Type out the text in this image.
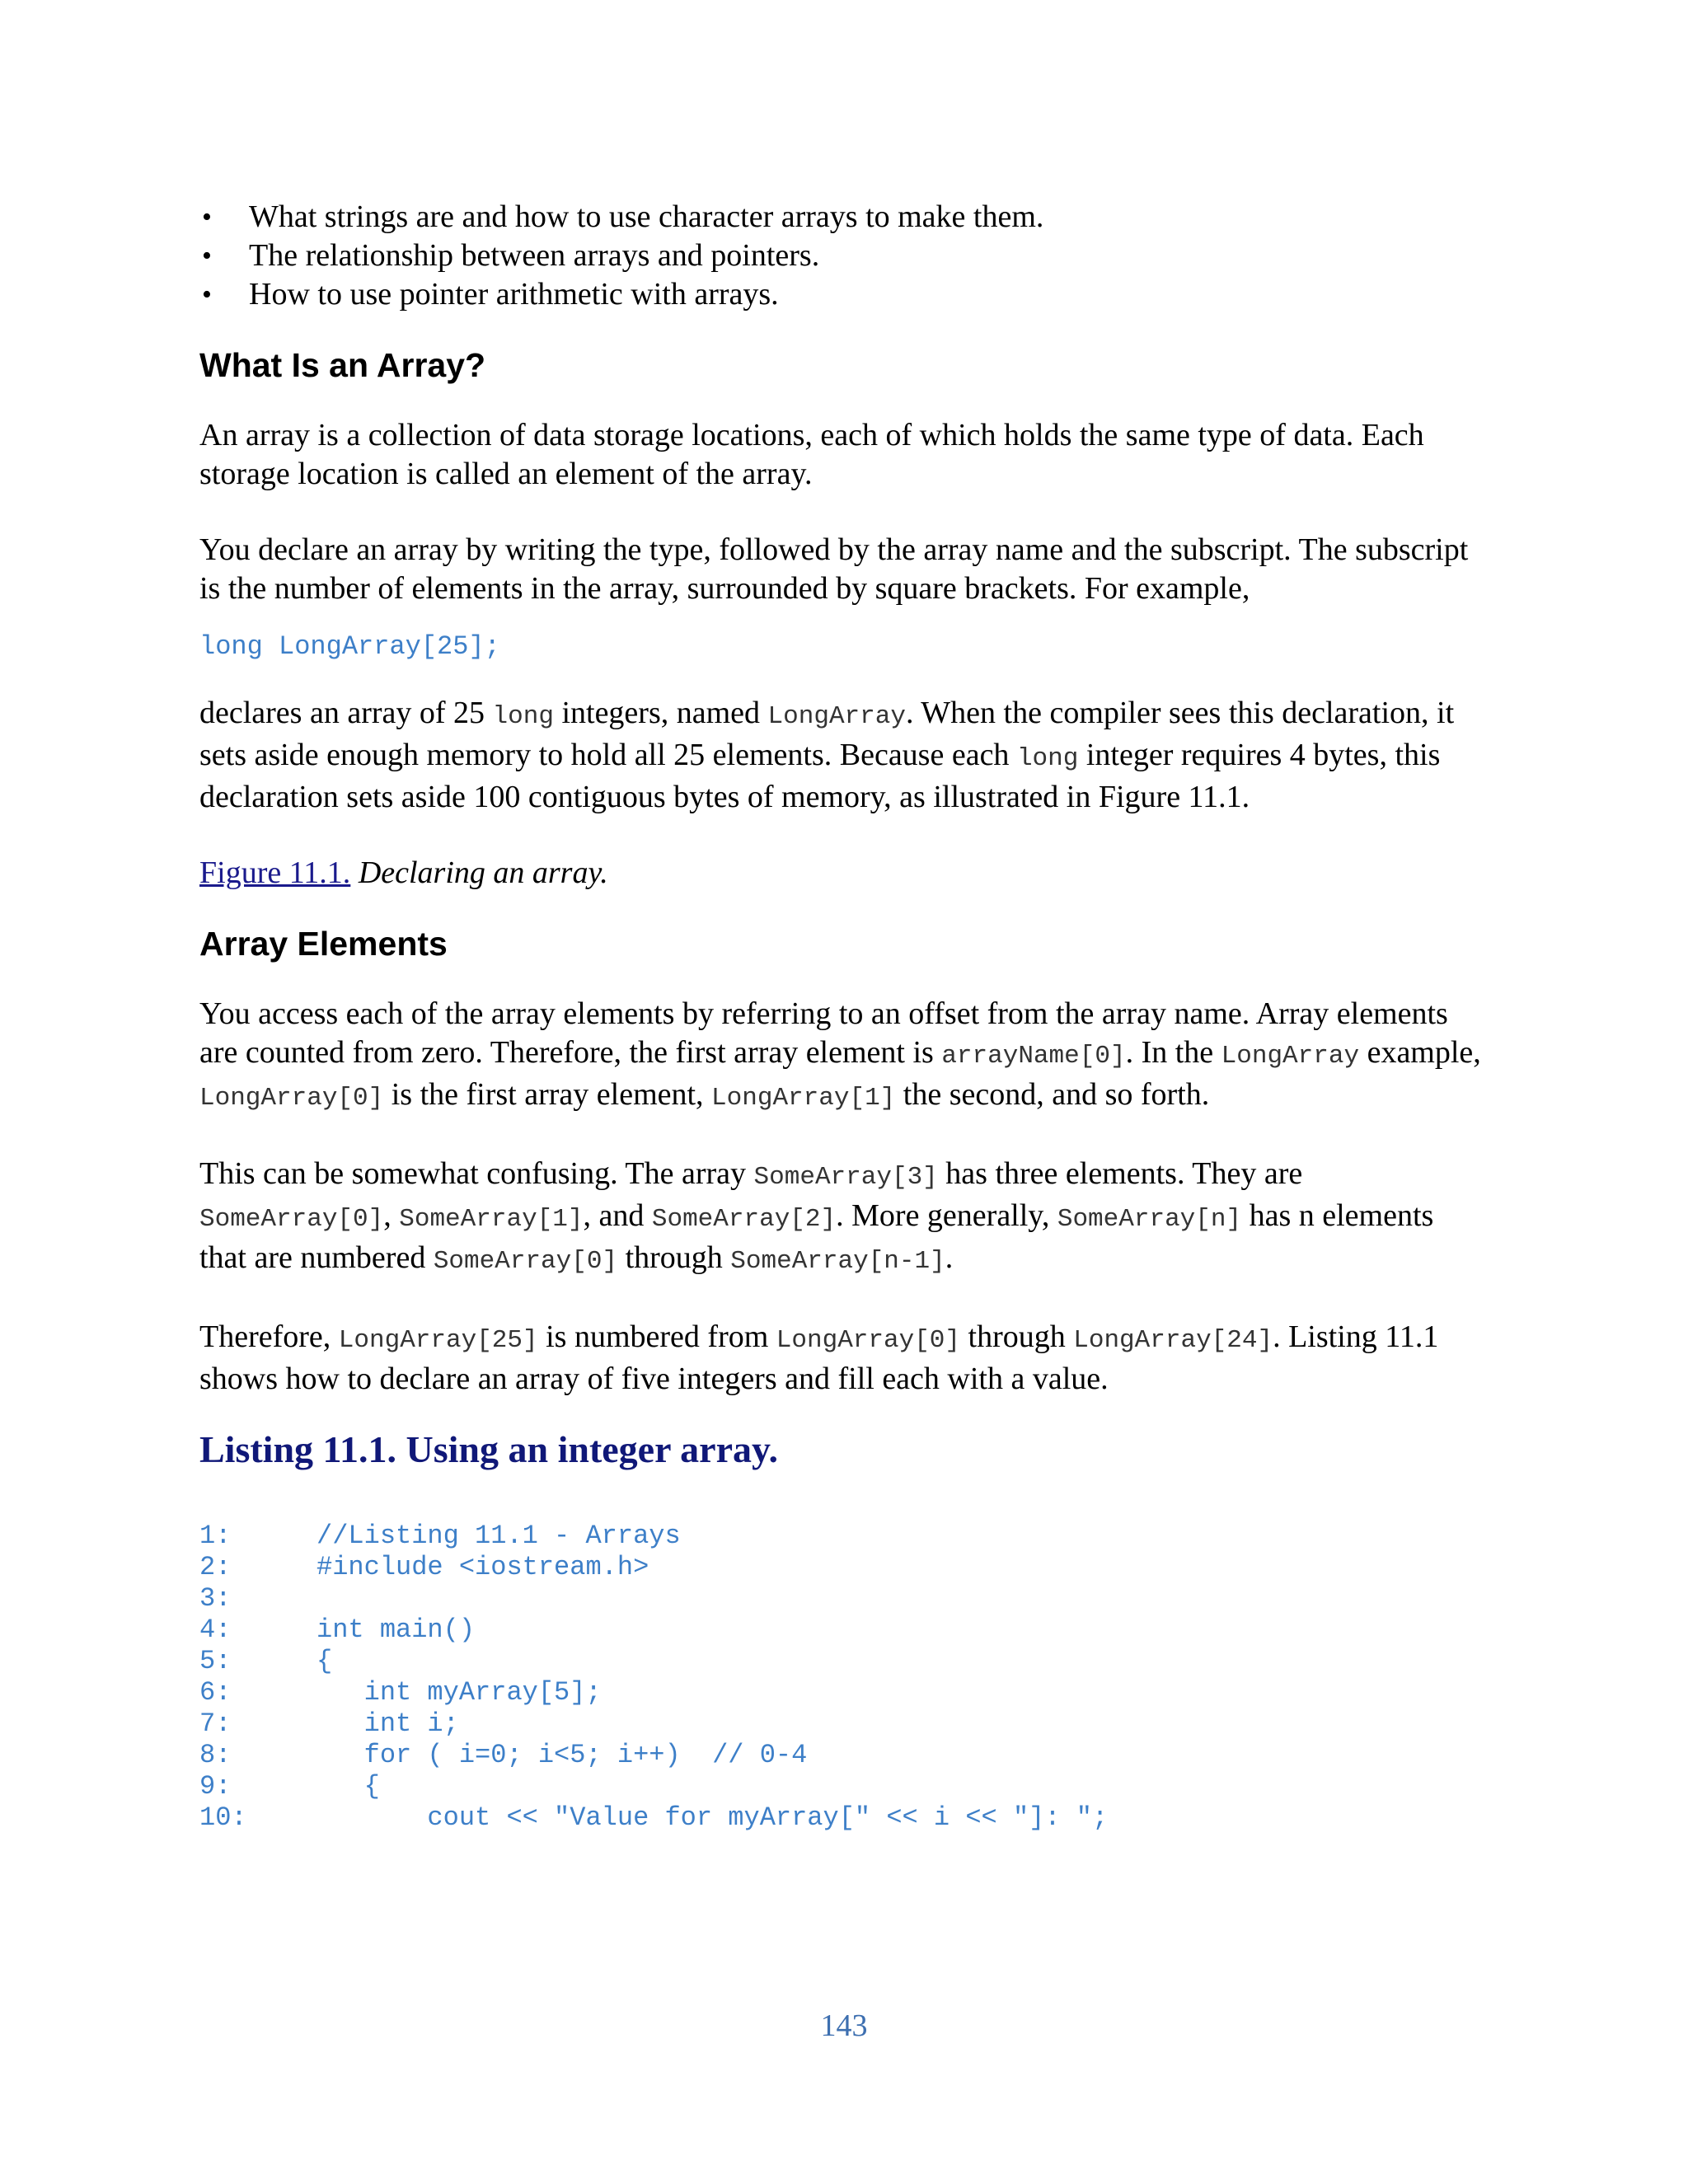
• What strings are and how to use character arrays to make them.
• The relationship between arrays and pointers.
• How to use pointer arithmetic with arrays.
What Is an Array?

An array is a collection of data storage locations, each of which holds the same type of data. Each storage location is called an element of the array.

You declare an array by writing the type, followed by the array name and the subscript. The subscript is the number of elements in the array, surrounded by square brackets. For example,

long LongArray[25];

declares an array of 25 long integers, named LongArray. When the compiler sees this declaration, it sets aside enough memory to hold all 25 elements. Because each long integer requires 4 bytes, this declaration sets aside 100 contiguous bytes of memory, as illustrated in Figure 11.1.

Figure 11.1. Declaring an array.

Array Elements

You access each of the array elements by referring to an offset from the array name. Array elements are counted from zero. Therefore, the first array element is arrayName[0]. In the LongArray example, LongArray[0] is the first array element, LongArray[1] the second, and so forth.

This can be somewhat confusing. The array SomeArray[3] has three elements. They are SomeArray[0], SomeArray[1], and SomeArray[2]. More generally, SomeArray[n] has n elements that are numbered SomeArray[0] through SomeArray[n-1].

Therefore, LongArray[25] is numbered from LongArray[0] through LongArray[24]. Listing 11.1 shows how to declare an array of five integers and fill each with a value.

Listing 11.1. Using an integer array.
1:	//Listing 11.1 - Arrays
2:	#include <iostream.h>
3:
4:	int main()
5:	{
6:	int myArray[5];
7:	int i;
8:	for ( i=0; i<5; i++)  // 0-4
9:	{
10:	cout << "Value for myArray[" << i << "]: ";
143
